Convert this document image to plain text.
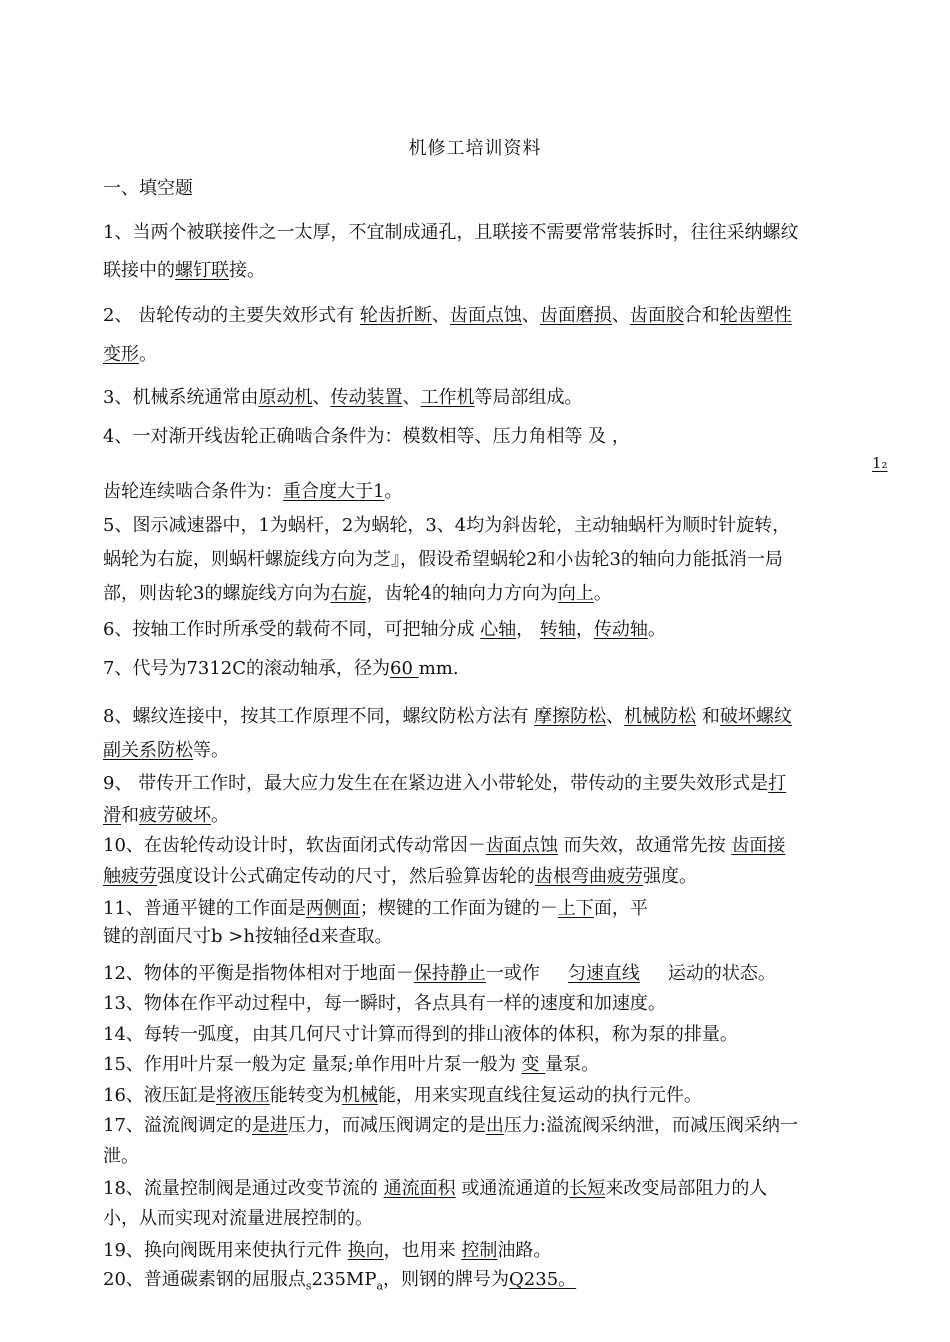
机修工培训资料
一、填空题
1、当两个被联接件之一太厚，不宜制成通孔，且联接不需要常常装拆时，往往采纳螺纹
联接中的螺钉联接。
2、 齿轮传动的主要失效形式有 轮齿折断、齿面点蚀、齿面磨损、齿面胶合和轮齿塑性
变形。
3、机械系统通常由原动机、传动装置、工作机等局部组成。
4、一对渐开线齿轮正确啮合条件为：模数相等、压力角相等 及 ，
1₂
齿轮连续啮合条件为：重合度大于1。
5、图示减速器中，1为蜗杆，2为蜗轮，3、4均为斜齿轮，主动轴蜗杆为顺时针旋转，
蜗轮为右旋，则蜗杆螺旋线方向为芝』，假设希望蜗轮2和小齿轮3的轴向力能抵消一局
部，则齿轮3的螺旋线方向为右旋，齿轮4的轴向力方向为向上。
6、按轴工作时所承受的载荷不同，可把轴分成 心轴， 转轴，传动轴。
7、代号为7312C的滚动轴承，径为60 mm.
8、螺纹连接中，按其工作原理不同，螺纹防松方法有 摩擦防松、机械防松 和破坏螺纹
副关系防松等。
9、 带传开工作时，最大应力发生在在紧边进入小带轮处，带传动的主要失效形式是打
滑和疲劳破坏。
10、在齿轮传动设计时，软齿面闭式传动常因－齿面点蚀 而失效，故通常先按 齿面接
触疲劳强度设计公式确定传动的尺寸，然后验算齿轮的齿根弯曲疲劳强度。
11、普通平键的工作面是两侧面；楔键的工作面为键的－上下面，平
键的剖面尺寸b >h按轴径d来查取。
12、物体的平衡是指物体相对于地面－保持静止一或作 匀速直线 运动的状态。
13、物体在作平动过程中，每一瞬时，各点具有一样的速度和加速度。
14、每转一弧度，由其几何尺寸计算而得到的排山液体的体积，称为泵的排量。
15、作用叶片泵一般为定 量泵;单作用叶片泵一般为 变 量泵。
16、液压缸是将液压能转变为机械能，用来实现直线往复运动的执行元件。
17、溢流阀调定的是进压力，而减压阀调定的是出压力:溢流阀采纳泄，而减压阀采纳一
泄。
18、流量控制阀是通过改变节流的 通流面积 或通流通道的长短来改变局部阻力的人
小，从而实现对流量进展控制的。
19、换向阀既用来使执行元件 换向，也用来 控制油路。
20、普通碳素钢的屈服点$_s235MP_a$，则钢的牌号为Q235。
